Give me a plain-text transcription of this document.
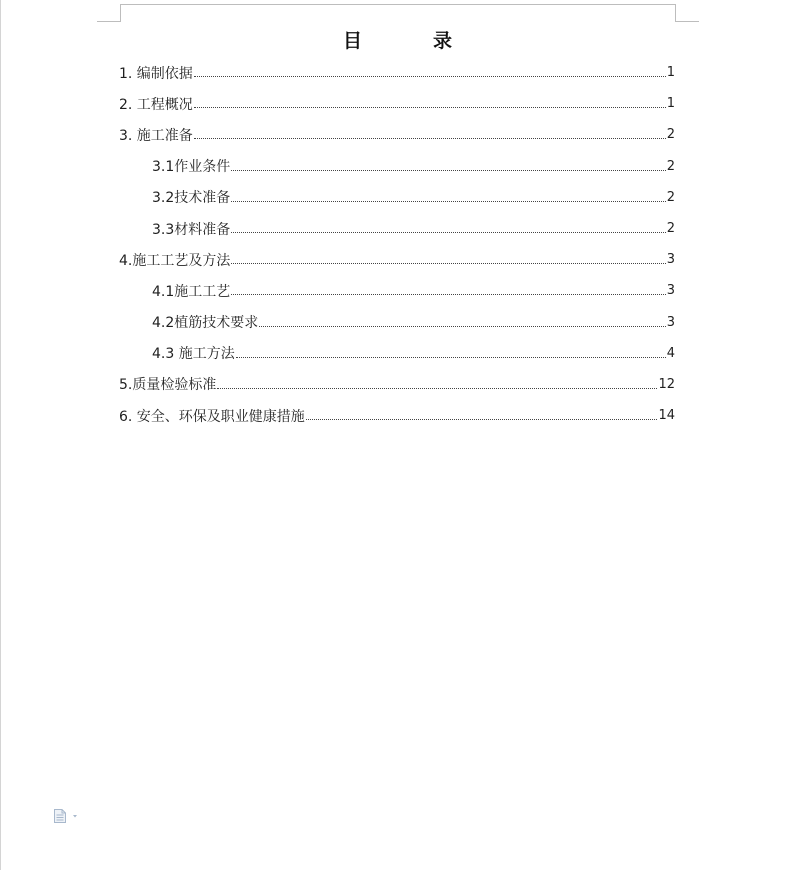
目　录
1. 编制依据	1
2. 工程概况	1
3. 施工准备	2
3.1作业条件	2
3.2技术准备	2
3.3材料准备	2
4.施工工艺及方法	3
4.1施工工艺	3
4.2植筋技术要求	3
4.3 施工方法	4
5.质量检验标准	12
6. 安全、环保及职业健康措施	14
